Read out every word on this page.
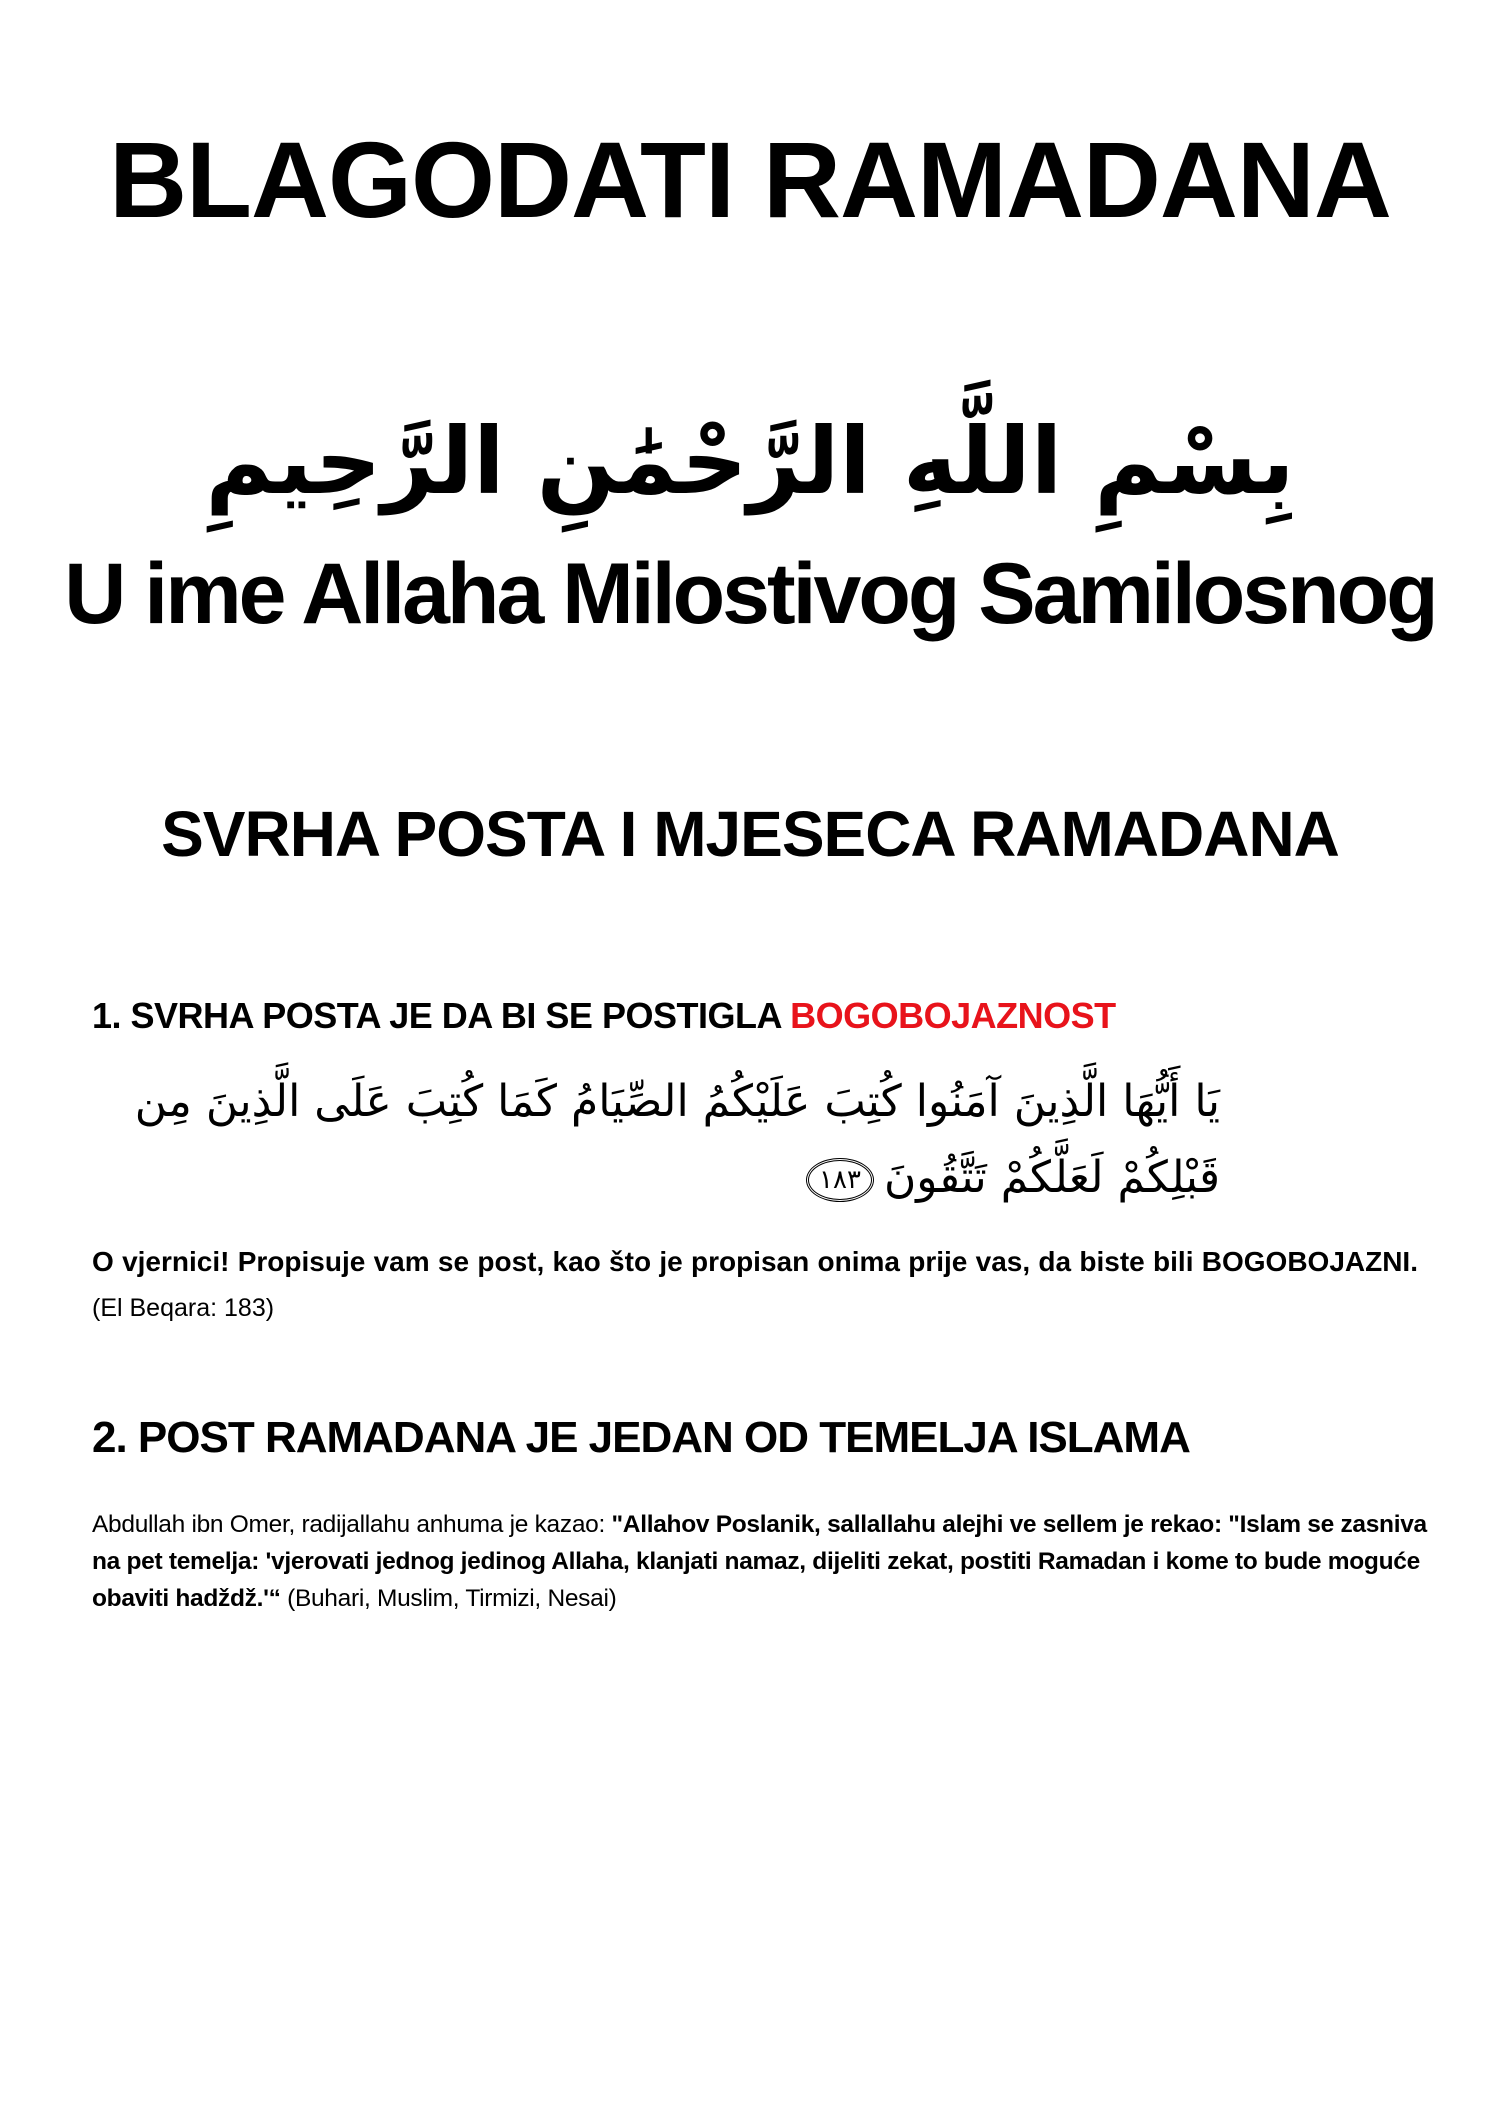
BLAGODATI RAMADANA
بِسْمِ اللَّهِ الرَّحْمَٰنِ الرَّحِيمِ
U ime Allaha Milostivog Samilosnog
SVRHA POSTA I MJESECA RAMADANA
1. SVRHA POSTA JE DA BI SE POSTIGLA BOGOBOJAZNOST
يَا أَيُّهَا الَّذِينَ آمَنُوا كُتِبَ عَلَيْكُمُ الصِّيَامُ كَمَا كُتِبَ عَلَى الَّذِينَ مِن قَبْلِكُمْ لَعَلَّكُمْ تَتَّقُونَ١٨٣
O vjernici! Propisuje vam se post, kao što je propisan onima prije vas, da biste bili BOGOBOJAZNI. (El Beqara: 183)
2. POST RAMADANA JE JEDAN OD TEMELJA ISLAMA
Abdullah ibn Omer, radijallahu anhuma je kazao: "Allahov Poslanik, sallallahu alejhi ve sellem je rekao: "Islam se zasniva na pet temelja: 'vjerovati jednog jedinog Allaha, klanjati namaz, dijeliti zekat, postiti Ramadan i kome to bude moguće obaviti hadždž.'“ (Buhari, Muslim, Tirmizi, Nesai)
